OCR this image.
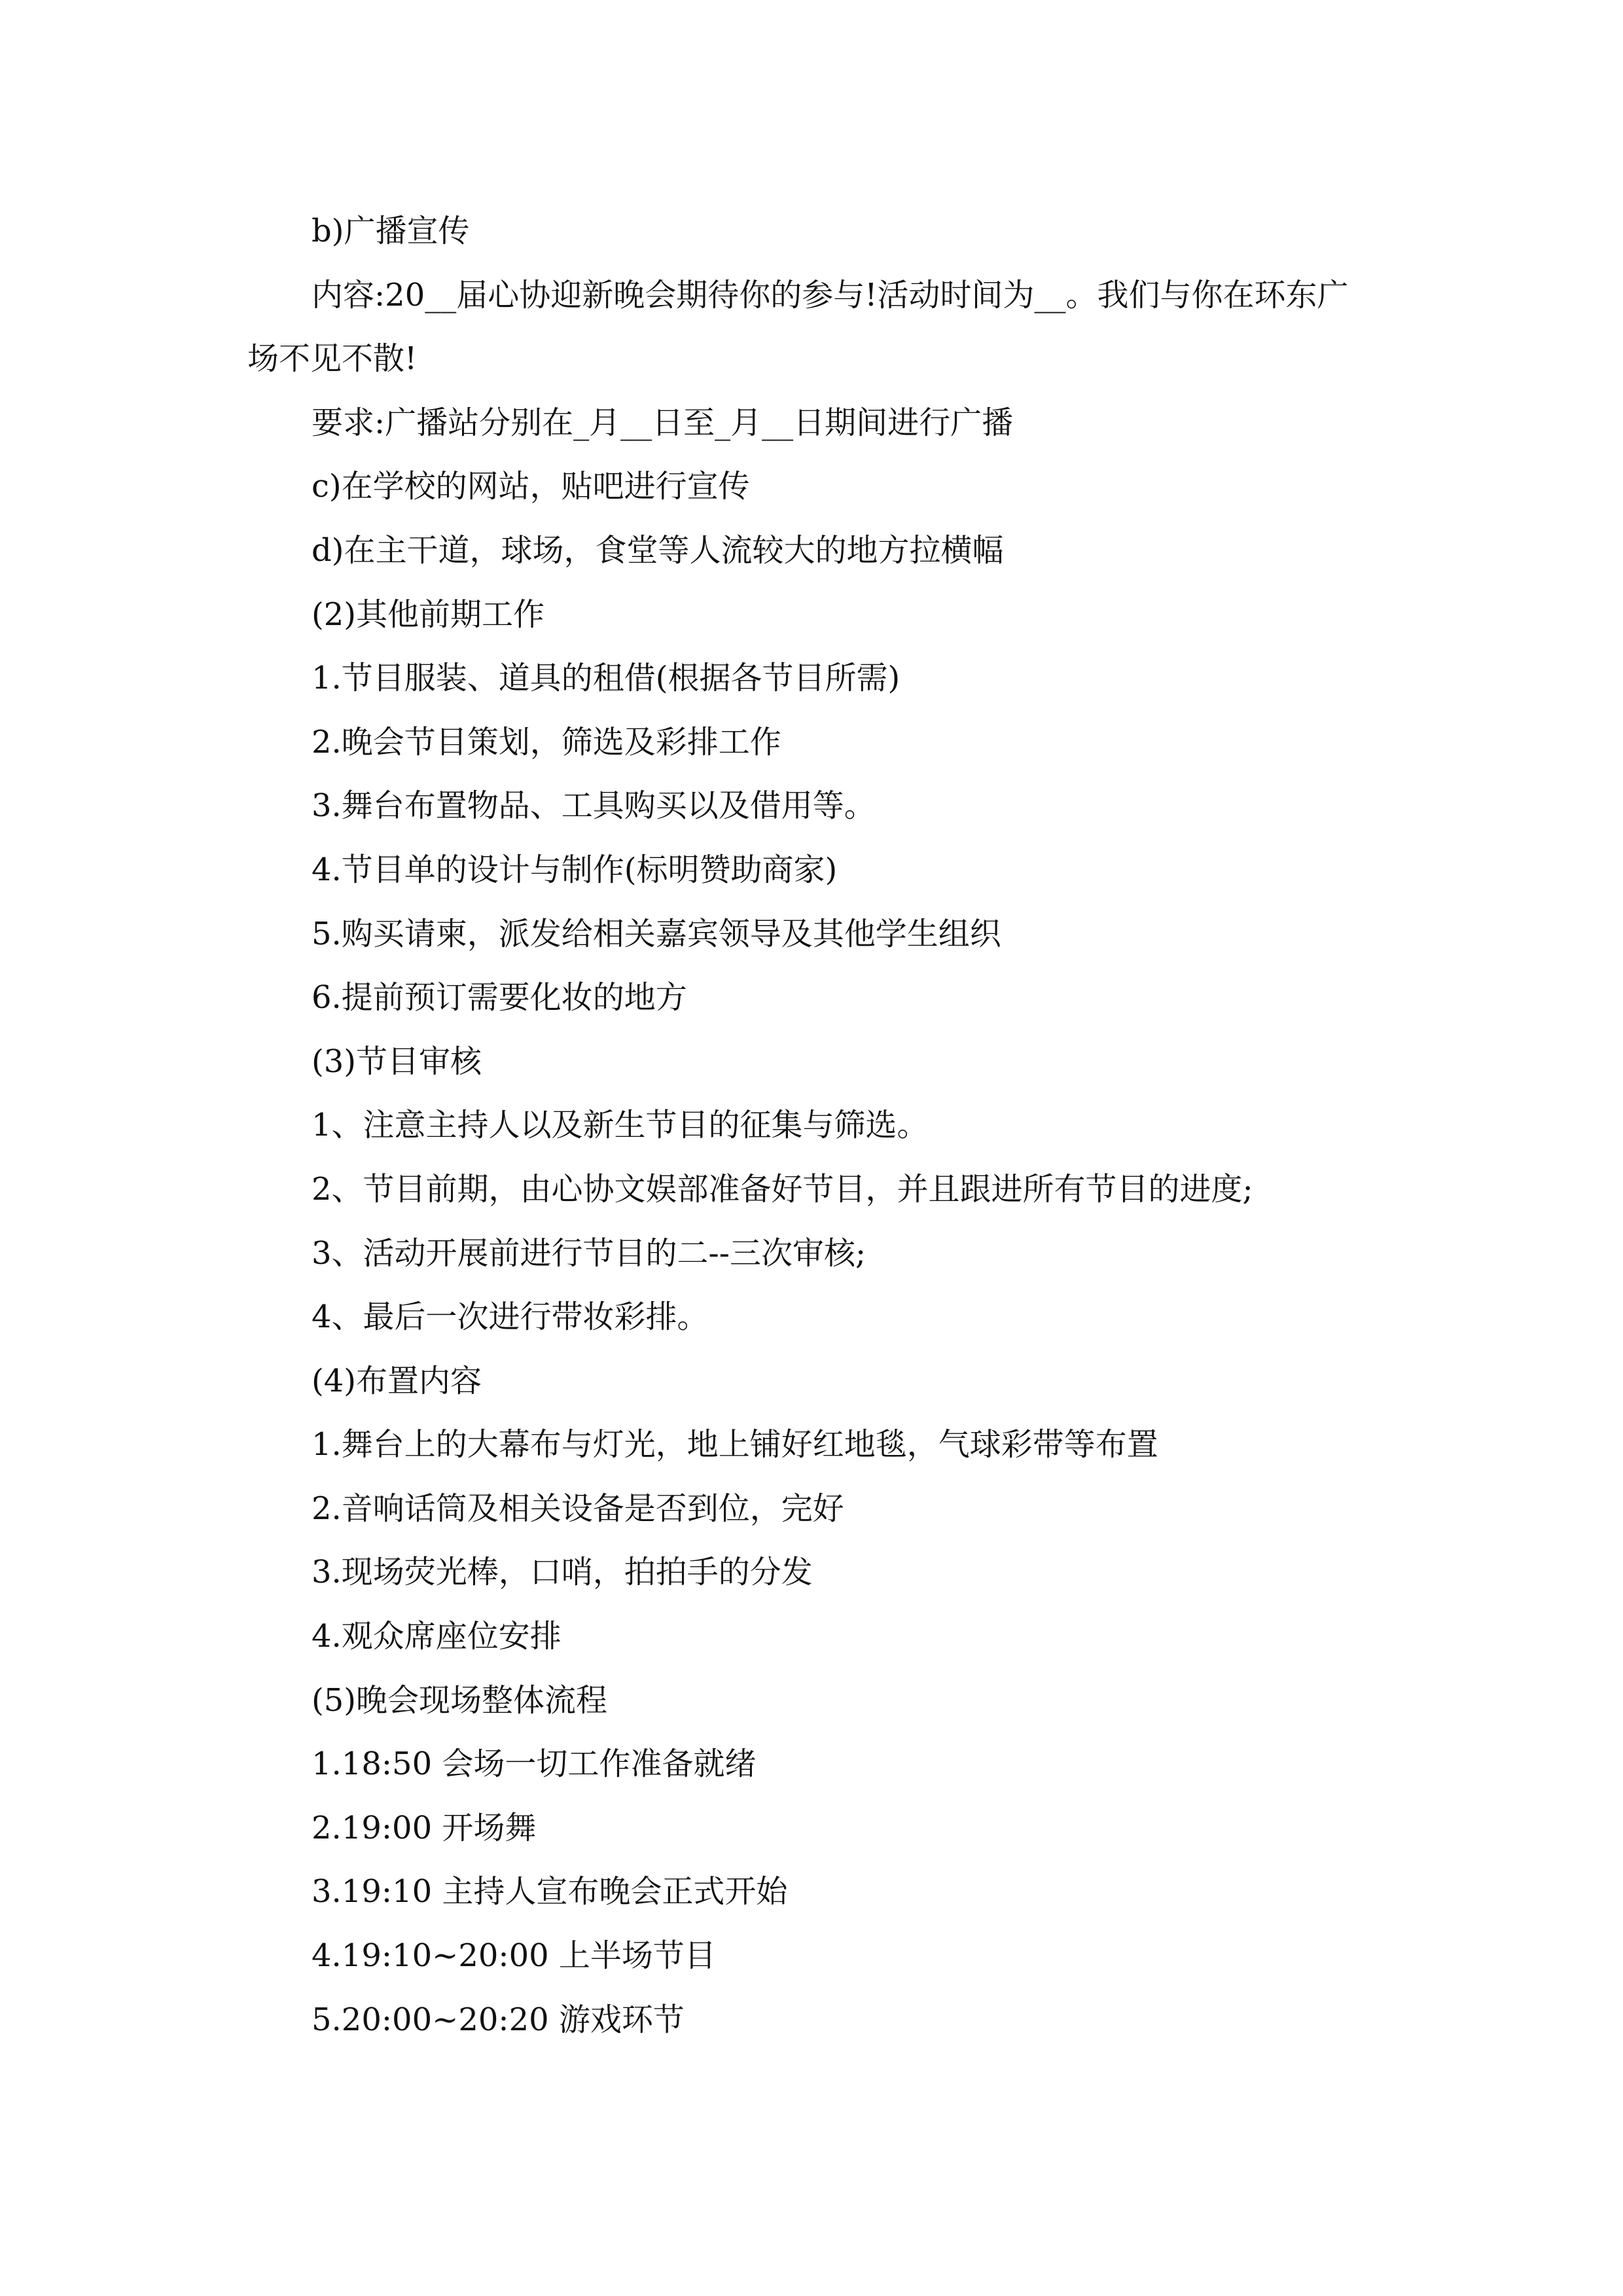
b)广播宣传
内容:20__届心协迎新晚会期待你的参与!活动时间为__。我们与你在环东广
场不见不散!
要求:广播站分别在_月__日至_月__日期间进行广播
c)在学校的网站，贴吧进行宣传
d)在主干道，球场，食堂等人流较大的地方拉横幅
(2)其他前期工作
1.节目服装、道具的租借(根据各节目所需)
2.晚会节目策划，筛选及彩排工作
3.舞台布置物品、工具购买以及借用等。
4.节目单的设计与制作(标明赞助商家)
5.购买请柬，派发给相关嘉宾领导及其他学生组织
6.提前预订需要化妆的地方
(3)节目审核
1、注意主持人以及新生节目的征集与筛选。
2、节目前期，由心协文娱部准备好节目，并且跟进所有节目的进度;
3、活动开展前进行节目的二--三次审核;
4、最后一次进行带妆彩排。
(4)布置内容
1.舞台上的大幕布与灯光，地上铺好红地毯，气球彩带等布置
2.音响话筒及相关设备是否到位，完好
3.现场荧光棒，口哨，拍拍手的分发
4.观众席座位安排
(5)晚会现场整体流程
1.18:50 会场一切工作准备就绪
2.19:00 开场舞
3.19:10 主持人宣布晚会正式开始
4.19:10~20:00 上半场节目
5.20:00~20:20 游戏环节
